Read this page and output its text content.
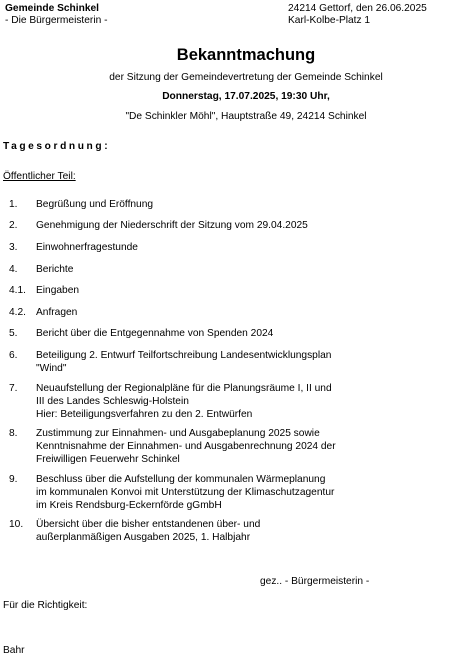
Gemeinde Schinkel
- Die Bürgermeisterin -
24214 Gettorf, den 26.06.2025
Karl-Kolbe-Platz 1
Bekanntmachung
der Sitzung der Gemeindevertretung der Gemeinde Schinkel
Donnerstag, 17.07.2025, 19:30 Uhr,
"De Schinkler Möhl", Hauptstraße 49, 24214 Schinkel
Tagesordnung:
Öffentlicher Teil:
1. Begrüßung und Eröffnung
2. Genehmigung der Niederschrift der Sitzung vom 29.04.2025
3. Einwohnerfragestunde
4. Berichte
4.1. Eingaben
4.2. Anfragen
5. Bericht über die Entgegennahme von Spenden 2024
6. Beteiligung 2. Entwurf Teilfortschreibung Landesentwicklungsplan
"Wind"
7. Neuaufstellung der Regionalpläne für die Planungsräume I, II und
III des Landes Schleswig-Holstein
Hier: Beteiligungsverfahren zu den 2. Entwürfen
8. Zustimmung zur Einnahmen- und Ausgabeplanung 2025 sowie
Kenntnisnahme der Einnahmen- und Ausgabenrechnung 2024 der
Freiwilligen Feuerwehr Schinkel
9. Beschluss über die Aufstellung der kommunalen Wärmeplanung
im kommunalen Konvoi mit Unterstützung der Klimaschutzagentur
im Kreis Rendsburg-Eckernförde gGmbH
10. Übersicht über die bisher entstandenen über- und
außerplanmäßigen Ausgaben 2025, 1. Halbjahr
gez.. - Bürgermeisterin -
Für die Richtigkeit:
Bahr
